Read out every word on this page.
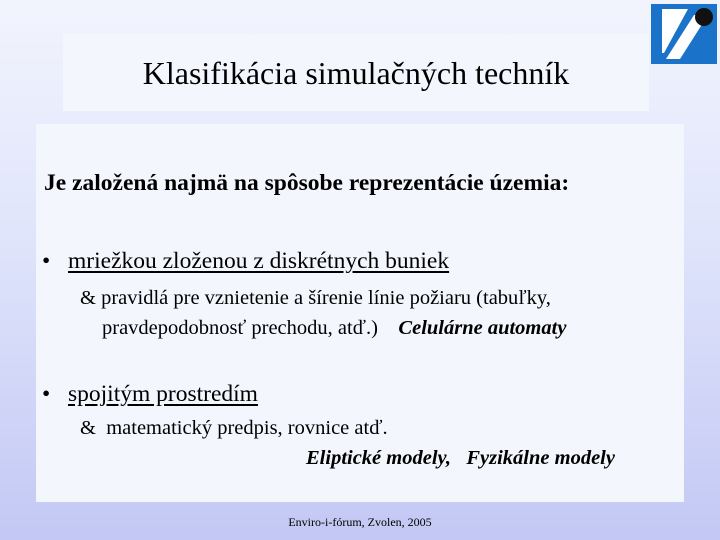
Klasifikácia simulačných techník
Je založená najmä na spôsobe reprezentácie územia:
• mriežkou zloženou z diskrétnych buniek
& pravidlá pre vznietenie a šírenie línie požiaru (tabuľky,
pravdepodobnosť prechodu, atď.) Celulárne automaty
• spojitým prostredím
& matematický predpis, rovnice atď.
Eliptické modely, Fyzikálne modely
Enviro-i-fórum, Zvolen, 2005
